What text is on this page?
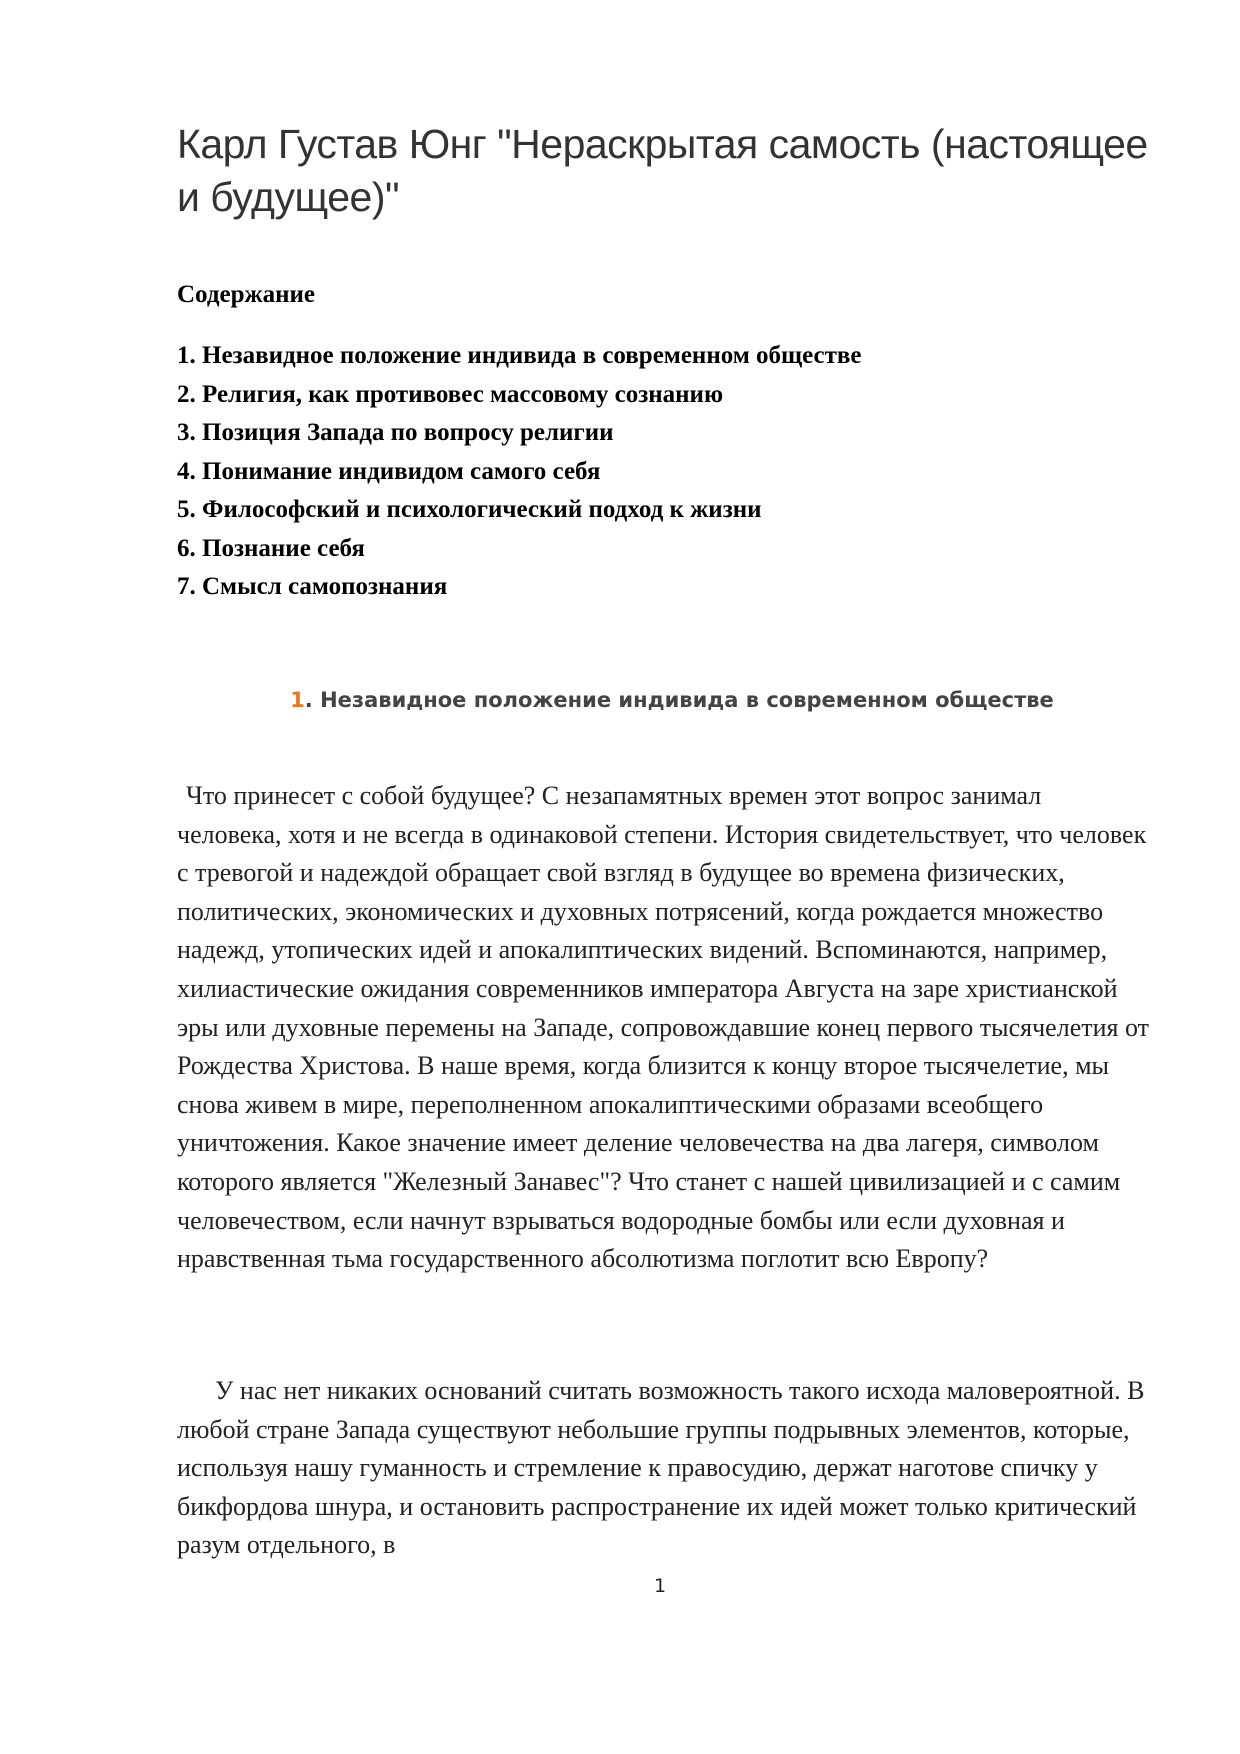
Карл Густав Юнг "Нераскрытая самость (настоящее и будущее)"
Содержание
1. Незавидное положение индивида в современном обществе
2. Религия, как противовес массовому сознанию
3. Позиция Запада по вопросу религии
4. Понимание индивидом самого себя
5. Философский и психологический подход к жизни
6. Познание себя
7. Смысл самопознания
1. Незавидное положение индивида в современном обществе

Что принесет с собой будущее? С незапамятных времен этот вопрос занимал человека, хотя и не всегда в одинаковой степени. История свидетельствует, что человек с тревогой и надеждой обращает свой взгляд в будущее во времена физических, политических, экономических и духовных потрясений, когда рождается множество надежд, утопических идей и апокалиптических видений. Вспоминаются, например, хилиастические ожидания современников императора Августа на заре христианской эры или духовные перемены на Западе, сопровождавшие конец первого тысячелетия от Рождества Христова. В наше время, когда близится к концу второе тысячелетие, мы снова живем в мире, переполненном апокалиптическими образами всеобщего уничтожения. Какое значение имеет деление человечества на два лагеря, символом которого является "Железный Занавес"? Что станет с нашей цивилизацией и с самим человечеством, если начнут взрываться водородные бомбы или если духовная и нравственная тьма государственного абсолютизма поглотит всю Европу?

У нас нет никаких оснований считать возможность такого исхода маловероятной. В любой стране Запада существуют небольшие группы подрывных элементов, которые, используя нашу гуманность и стремление к правосудию, держат наготове спичку у бикфордова шнура, и остановить распространение их идей может только критический разум отдельного, в

1
